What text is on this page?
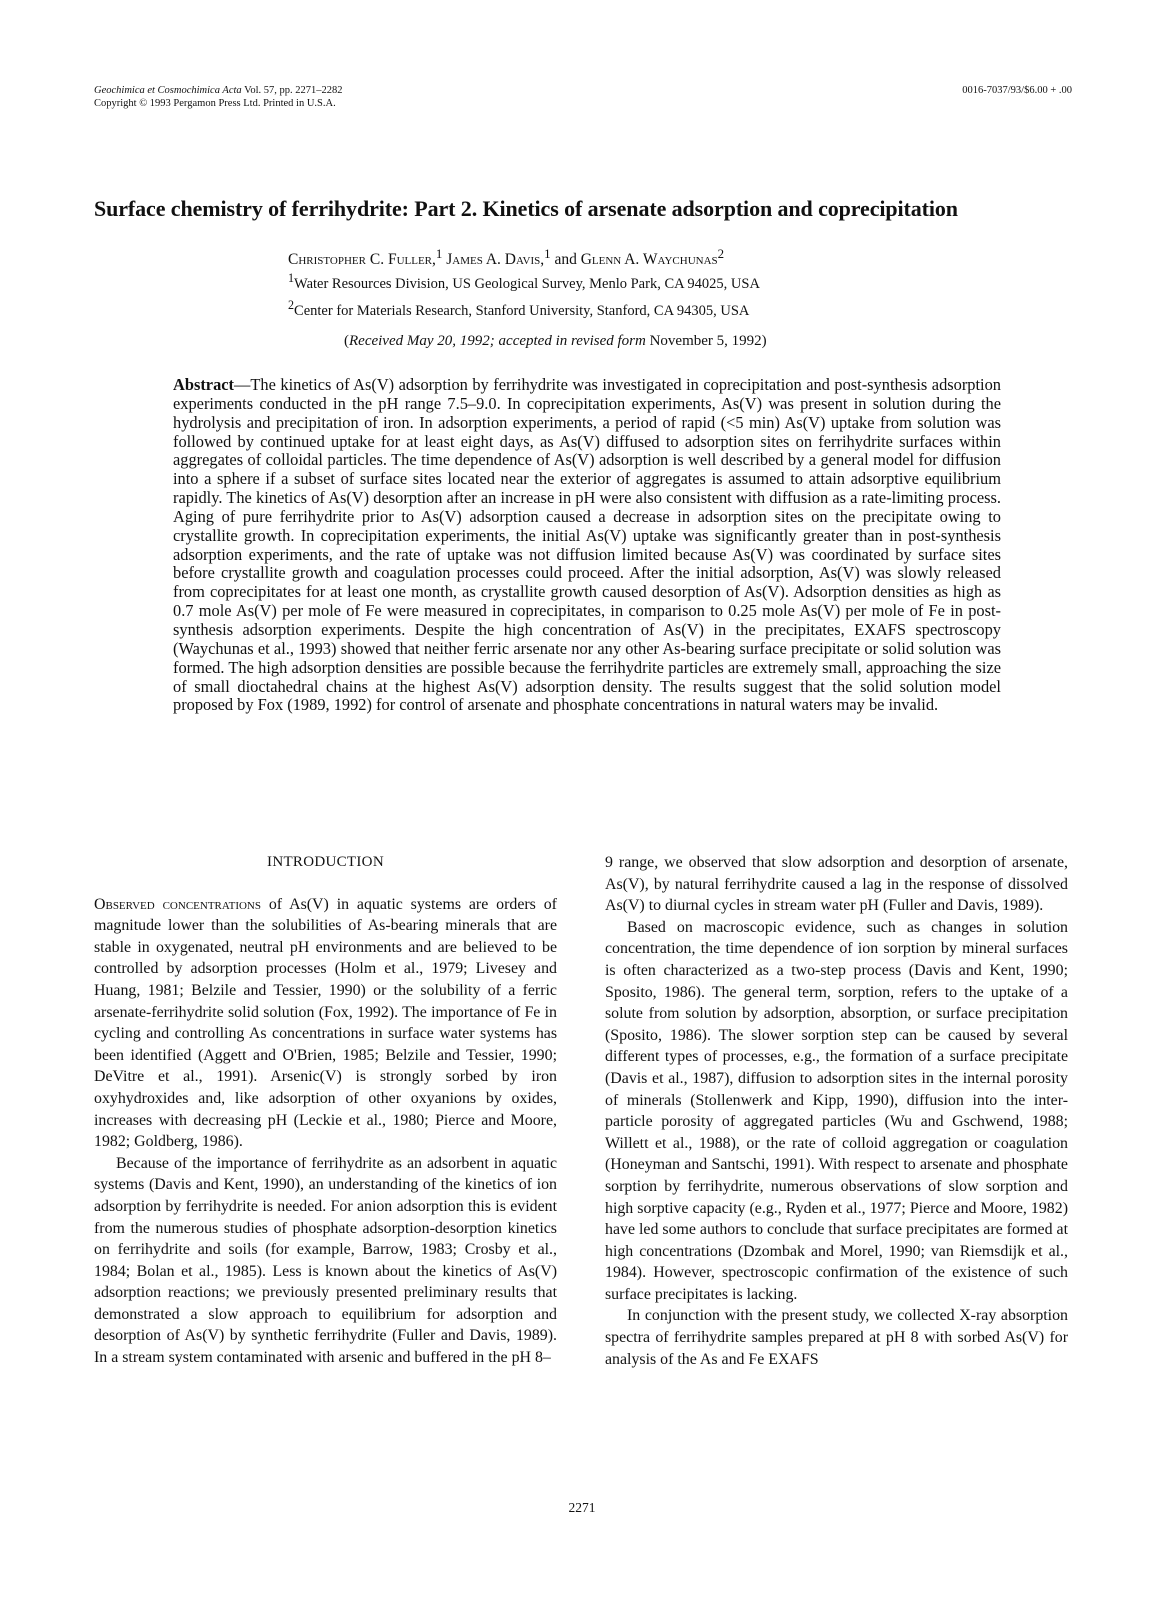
Geochimica et Cosmochimica Acta Vol. 57, pp. 2271–2282
Copyright © 1993 Pergamon Press Ltd. Printed in U.S.A.
0016-7037/93/$6.00 + .00
Surface chemistry of ferrihydrite: Part 2. Kinetics of arsenate adsorption and coprecipitation
Christopher C. Fuller,$^1$ James A. Davis,$^1$ and Glenn A. Waychunas$^2$
$^1$Water Resources Division, US Geological Survey, Menlo Park, CA 94025, USA
$^2$Center for Materials Research, Stanford University, Stanford, CA 94305, USA
(Received May 20, 1992; accepted in revised form November 5, 1992)
Abstract—The kinetics of As(V) adsorption by ferrihydrite was investigated in coprecipitation and post-synthesis adsorption experiments conducted in the pH range 7.5–9.0. In coprecipitation experiments, As(V) was present in solution during the hydrolysis and precipitation of iron. In adsorption experiments, a period of rapid (<5 min) As(V) uptake from solution was followed by continued uptake for at least eight days, as As(V) diffused to adsorption sites on ferrihydrite surfaces within aggregates of colloidal particles. The time dependence of As(V) adsorption is well described by a general model for diffusion into a sphere if a subset of surface sites located near the exterior of aggregates is assumed to attain adsorptive equilibrium rapidly. The kinetics of As(V) desorption after an increase in pH were also consistent with diffusion as a rate-limiting process. Aging of pure ferrihydrite prior to As(V) adsorption caused a decrease in adsorption sites on the precipitate owing to crystallite growth. In coprecipitation experiments, the initial As(V) uptake was significantly greater than in post-synthesis adsorption experiments, and the rate of uptake was not diffusion limited because As(V) was coordinated by surface sites before crystallite growth and coagulation processes could proceed. After the initial adsorption, As(V) was slowly released from coprecipitates for at least one month, as crystallite growth caused desorption of As(V). Adsorption densities as high as 0.7 mole As(V) per mole of Fe were measured in coprecipitates, in comparison to 0.25 mole As(V) per mole of Fe in post-synthesis adsorption experiments. Despite the high concentration of As(V) in the precipitates, EXAFS spectroscopy (Waychunas et al., 1993) showed that neither ferric arsenate nor any other As-bearing surface precipitate or solid solution was formed. The high adsorption densities are possible because the ferrihydrite particles are extremely small, approaching the size of small dioctahedral chains at the highest As(V) adsorption density. The results suggest that the solid solution model proposed by Fox (1989, 1992) for control of arsenate and phosphate concentrations in natural waters may be invalid.
INTRODUCTION

Observed concentrations of As(V) in aquatic systems are orders of magnitude lower than the solubilities of As-bearing minerals that are stable in oxygenated, neutral pH environments and are believed to be controlled by adsorption processes (Holm et al., 1979; Livesey and Huang, 1981; Belzile and Tessier, 1990) or the solubility of a ferric arsenate-ferrihydrite solid solution (Fox, 1992). The importance of Fe in cycling and controlling As concentrations in surface water systems has been identified (Aggett and O'Brien, 1985; Belzile and Tessier, 1990; DeVitre et al., 1991). Arsenic(V) is strongly sorbed by iron oxyhydroxides and, like adsorption of other oxyanions by oxides, increases with decreasing pH (Leckie et al., 1980; Pierce and Moore, 1982; Goldberg, 1986).

Because of the importance of ferrihydrite as an adsorbent in aquatic systems (Davis and Kent, 1990), an understanding of the kinetics of ion adsorption by ferrihydrite is needed. For anion adsorption this is evident from the numerous studies of phosphate adsorption-desorption kinetics on ferrihydrite and soils (for example, Barrow, 1983; Crosby et al., 1984; Bolan et al., 1985). Less is known about the kinetics of As(V) adsorption reactions; we previously presented preliminary results that demonstrated a slow approach to equilibrium for adsorption and desorption of As(V) by synthetic ferrihydrite (Fuller and Davis, 1989). In a stream system contaminated with arsenic and buffered in the pH 8–

9 range, we observed that slow adsorption and desorption of arsenate, As(V), by natural ferrihydrite caused a lag in the response of dissolved As(V) to diurnal cycles in stream water pH (Fuller and Davis, 1989).

Based on macroscopic evidence, such as changes in solution concentration, the time dependence of ion sorption by mineral surfaces is often characterized as a two-step process (Davis and Kent, 1990; Sposito, 1986). The general term, sorption, refers to the uptake of a solute from solution by adsorption, absorption, or surface precipitation (Sposito, 1986). The slower sorption step can be caused by several different types of processes, e.g., the formation of a surface precipitate (Davis et al., 1987), diffusion to adsorption sites in the internal porosity of minerals (Stollenwerk and Kipp, 1990), diffusion into the inter-particle porosity of aggregated particles (Wu and Gschwend, 1988; Willett et al., 1988), or the rate of colloid aggregation or coagulation (Honeyman and Santschi, 1991). With respect to arsenate and phosphate sorption by ferrihydrite, numerous observations of slow sorption and high sorptive capacity (e.g., Ryden et al., 1977; Pierce and Moore, 1982) have led some authors to conclude that surface precipitates are formed at high concentrations (Dzombak and Morel, 1990; van Riemsdijk et al., 1984). However, spectroscopic confirmation of the existence of such surface precipitates is lacking.

In conjunction with the present study, we collected X-ray absorption spectra of ferrihydrite samples prepared at pH 8 with sorbed As(V) for analysis of the As and Fe EXAFS

2271
